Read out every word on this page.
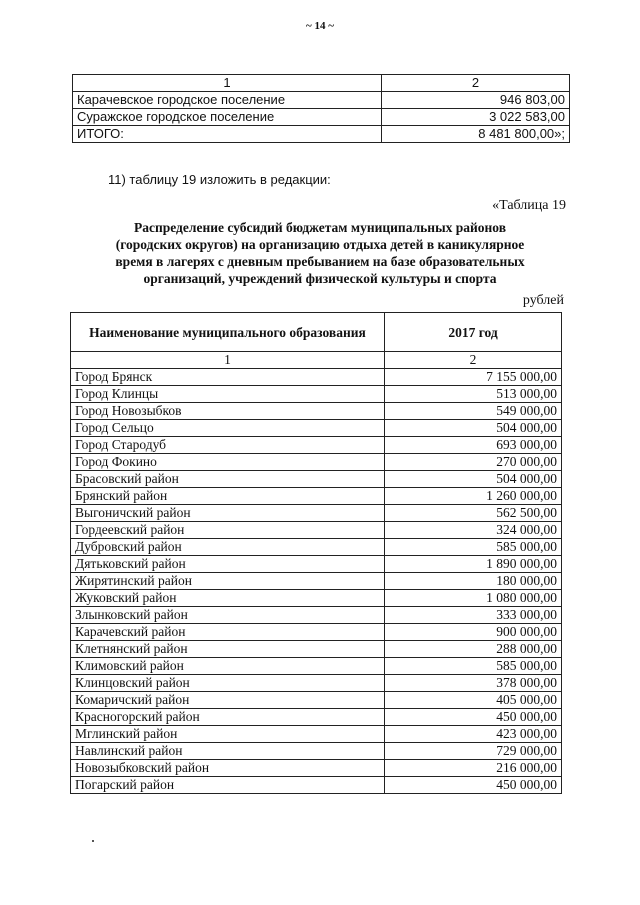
~ 14 ~
1	2
Карачевское городское поселение	946 803,00
Суражское городское поселение	3 022 583,00
ИТОГО:	8 481 800,00»;
11) таблицу 19 изложить в редакции:
«Таблица 19
Распределение субсидий бюджетам муниципальных районов
(городских округов) на организацию отдыха детей в каникулярное
время в лагерях с дневным пребыванием на базе образовательных
организаций, учреждений физической культуры и спорта
рублей
Наименование муниципального образования	2017 год
1	2
Город Брянск	7 155 000,00
Город Клинцы	513 000,00
Город Новозыбков	549 000,00
Город Сельцо	504 000,00
Город Стародуб	693 000,00
Город Фокино	270 000,00
Брасовский район	504 000,00
Брянский район	1 260 000,00
Выгоничский район	562 500,00
Гордеевский район	324 000,00
Дубровский район	585 000,00
Дятьковский район	1 890 000,00
Жирятинский район	180 000,00
Жуковский район	1 080 000,00
Злынковский район	333 000,00
Карачевский район	900 000,00
Клетнянский район	288 000,00
Климовский район	585 000,00
Клинцовский район	378 000,00
Комаричский район	405 000,00
Красногорский район	450 000,00
Мглинский район	423 000,00
Навлинский район	729 000,00
Новозыбковский район	216 000,00
Погарский район	450 000,00
